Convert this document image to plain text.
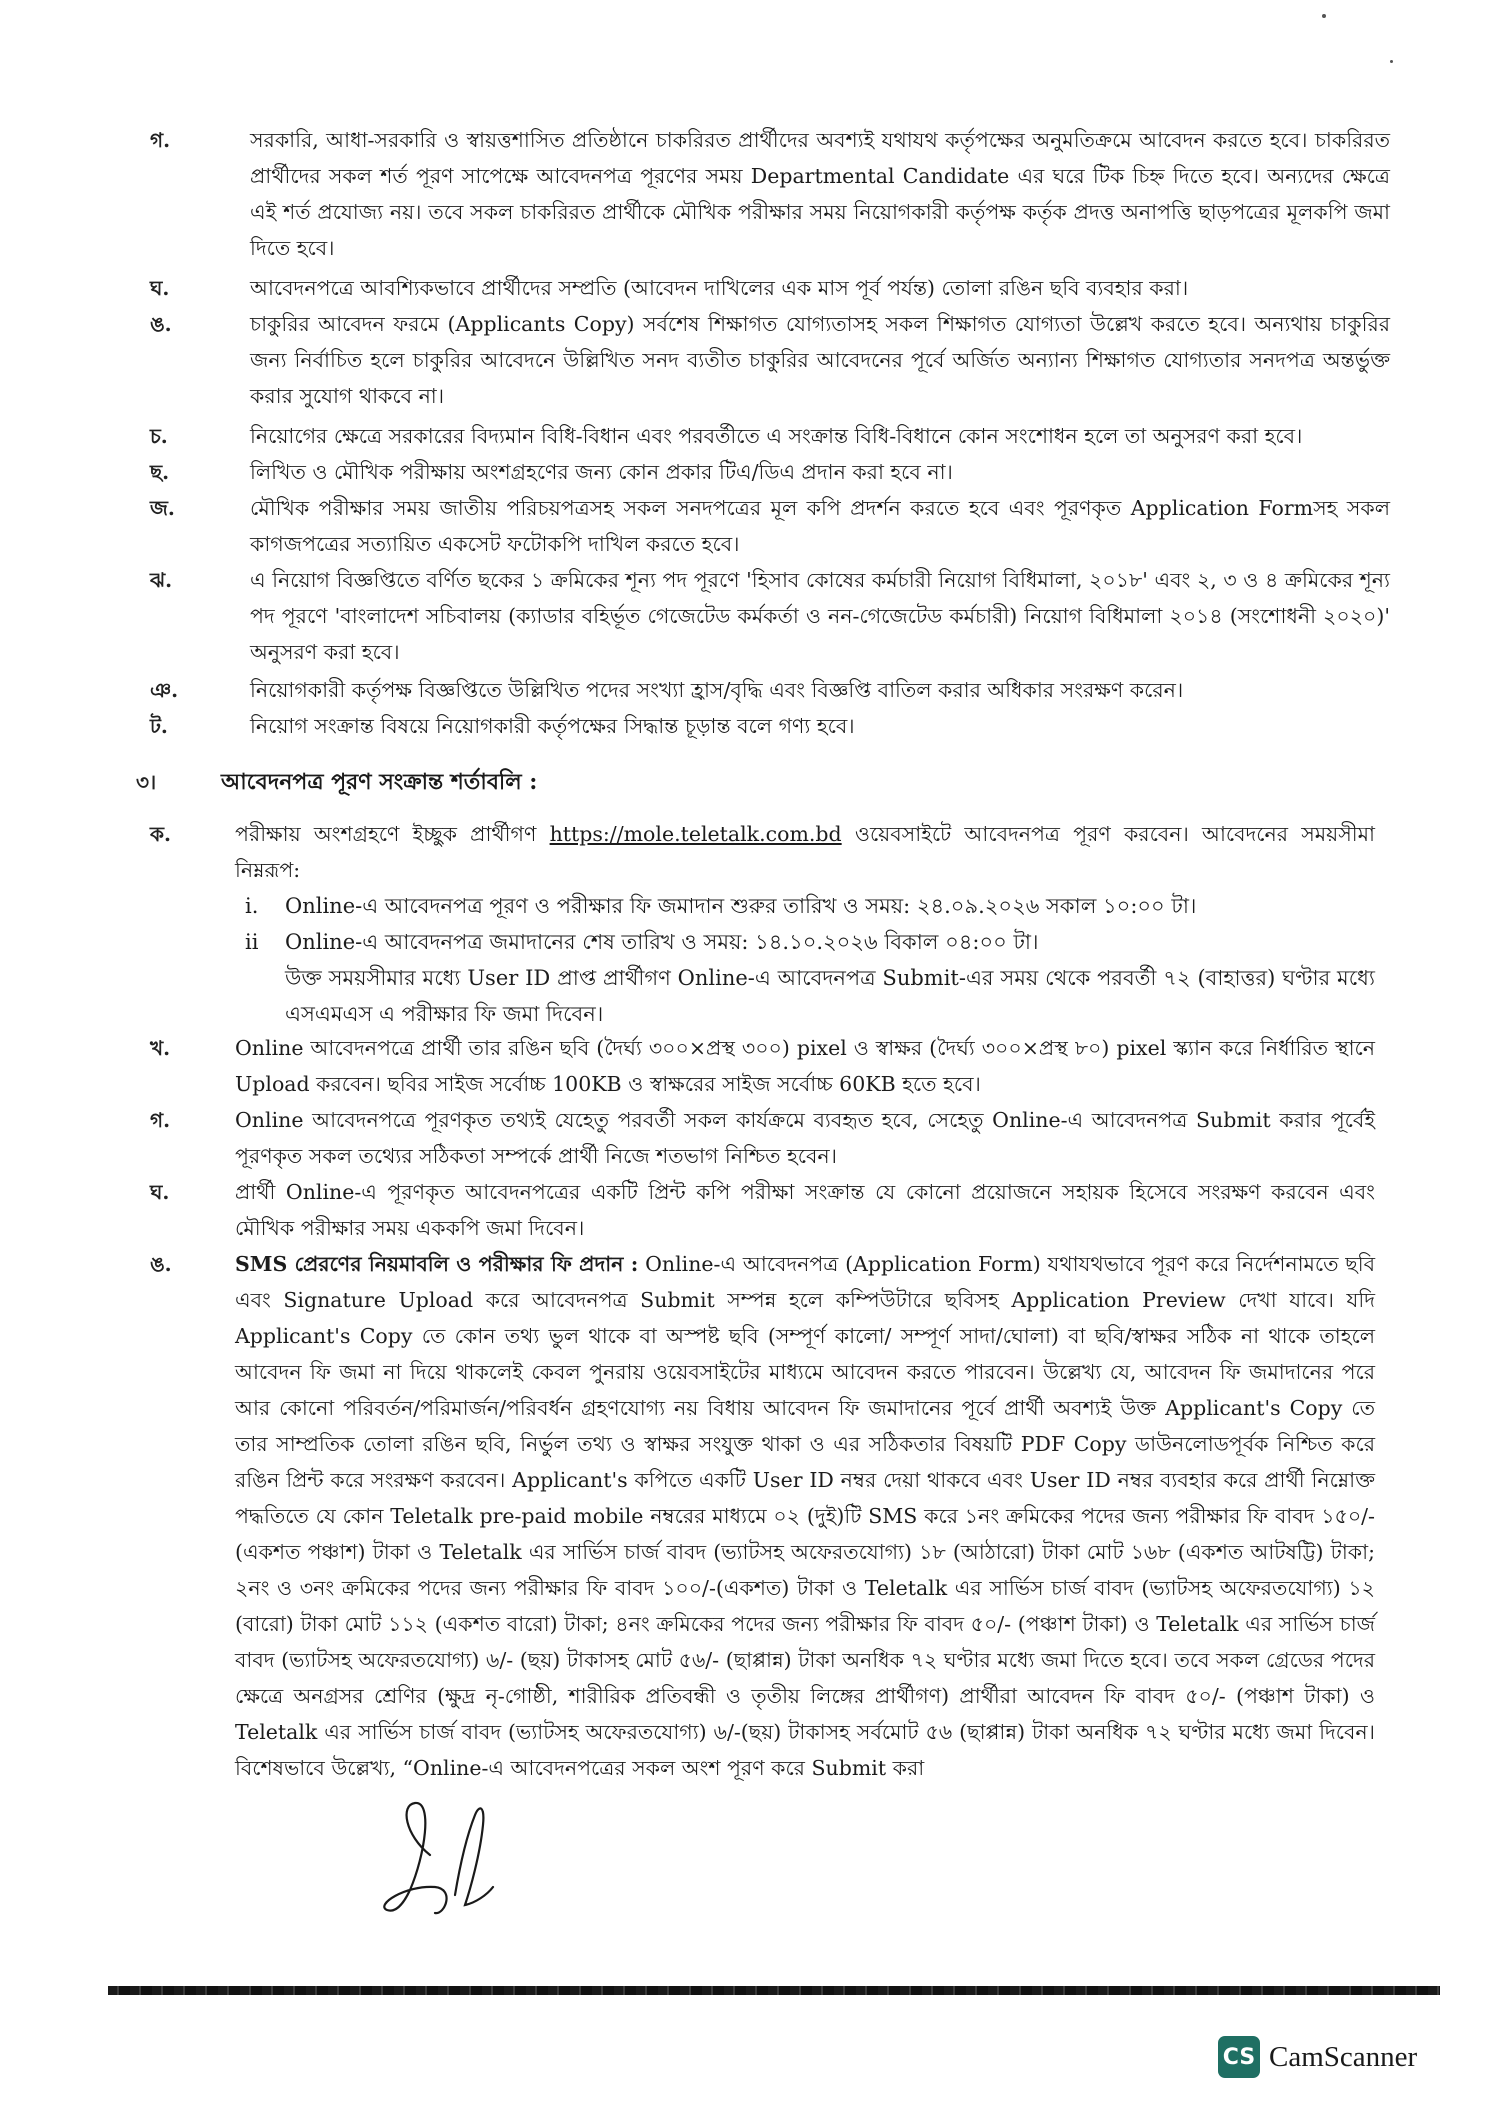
গ.	সরকারি, আধা-সরকারি ও স্বায়ত্তশাসিত প্রতিষ্ঠানে চাকরিরত প্রার্থীদের অবশ্যই যথাযথ কর্তৃপক্ষের অনুমতিক্রমে আবেদন করতে হবে। চাকরিরত প্রার্থীদের সকল শর্ত পূরণ সাপেক্ষে আবেদনপত্র পূরণের সময় Departmental Candidate এর ঘরে টিক চিহ্ন দিতে হবে। অন্যদের ক্ষেত্রে এই শর্ত প্রযোজ্য নয়। তবে সকল চাকরিরত প্রার্থীকে মৌখিক পরীক্ষার সময় নিয়োগকারী কর্তৃপক্ষ কর্তৃক প্রদত্ত অনাপত্তি ছাড়পত্রের মূলকপি জমা দিতে হবে।
ঘ.	আবেদনপত্রে আবশ্যিকভাবে প্রার্থীদের সম্প্রতি (আবেদন দাখিলের এক মাস পূর্ব পর্যন্ত) তোলা রঙিন ছবি ব্যবহার করা।
ঙ.	চাকুরির আবেদন ফরমে (Applicants Copy) সর্বশেষ শিক্ষাগত যোগ্যতাসহ সকল শিক্ষাগত যোগ্যতা উল্লেখ করতে হবে। অন্যথায় চাকুরির জন্য নির্বাচিত হলে চাকুরির আবেদনে উল্লিখিত সনদ ব্যতীত চাকুরির আবেদনের পূর্বে অর্জিত অন্যান্য শিক্ষাগত যোগ্যতার সনদপত্র অন্তর্ভুক্ত করার সুযোগ থাকবে না।
চ.	নিয়োগের ক্ষেত্রে সরকারের বিদ্যমান বিধি-বিধান এবং পরবর্তীতে এ সংক্রান্ত বিধি-বিধানে কোন সংশোধন হলে তা অনুসরণ করা হবে।
ছ.	লিখিত ও মৌখিক পরীক্ষায় অংশগ্রহণের জন্য কোন প্রকার টিএ/ডিএ প্রদান করা হবে না।
জ.	মৌখিক পরীক্ষার সময় জাতীয় পরিচয়পত্রসহ সকল সনদপত্রের মূল কপি প্রদর্শন করতে হবে এবং পূরণকৃত Application Formসহ সকল কাগজপত্রের সত্যায়িত একসেট ফটোকপি দাখিল করতে হবে।
ঝ.	এ নিয়োগ বিজ্ঞপ্তিতে বর্ণিত ছকের ১ ক্রমিকের শূন্য পদ পূরণে 'হিসাব কোষের কর্মচারী নিয়োগ বিধিমালা, ২০১৮' এবং ২, ৩ ও ৪ ক্রমিকের শূন্য পদ পূরণে 'বাংলাদেশ সচিবালয় (ক্যাডার বহির্ভূত গেজেটেড কর্মকর্তা ও নন-গেজেটেড কর্মচারী) নিয়োগ বিধিমালা ২০১৪ (সংশোধনী ২০২০)' অনুসরণ করা হবে।
ঞ.	নিয়োগকারী কর্তৃপক্ষ বিজ্ঞপ্তিতে উল্লিখিত পদের সংখ্যা হ্রাস/বৃদ্ধি এবং বিজ্ঞপ্তি বাতিল করার অধিকার সংরক্ষণ করেন।
ট.	নিয়োগ সংক্রান্ত বিষয়ে নিয়োগকারী কর্তৃপক্ষের সিদ্ধান্ত চূড়ান্ত বলে গণ্য হবে।
৩।	আবেদনপত্র পূরণ সংক্রান্ত শর্তাবলি :
ক.	পরীক্ষায় অংশগ্রহণে ইচ্ছুক প্রার্থীগণ https://mole.teletalk.com.bd ওয়েবসাইটে আবেদনপত্র পূরণ করবেন। আবেদনের সময়সীমা নিম্নরূপ:
i.	Online-এ আবেদনপত্র পূরণ ও পরীক্ষার ফি জমাদান শুরুর তারিখ ও সময়: ২৪.০৯.২০২৬ সকাল ১০:০০ টা।
ii	Online-এ আবেদনপত্র জমাদানের শেষ তারিখ ও সময়: ১৪.১০.২০২৬ বিকাল ০৪:০০ টা।
উক্ত সময়সীমার মধ্যে User ID প্রাপ্ত প্রার্থীগণ Online-এ আবেদনপত্র Submit-এর সময় থেকে পরবর্তী ৭২ (বাহাত্তর) ঘণ্টার মধ্যে এসএমএস এ পরীক্ষার ফি জমা দিবেন।
খ.	Online আবেদনপত্রে প্রার্থী তার রঙিন ছবি (দৈর্ঘ্য ৩০০×প্রস্থ ৩০০) pixel ও স্বাক্ষর (দৈর্ঘ্য ৩০০×প্রস্থ ৮০) pixel স্ক্যান করে নির্ধারিত স্থানে Upload করবেন। ছবির সাইজ সর্বোচ্চ 100KB ও স্বাক্ষরের সাইজ সর্বোচ্চ 60KB হতে হবে।
গ.	Online আবেদনপত্রে পূরণকৃত তথ্যই যেহেতু পরবর্তী সকল কার্যক্রমে ব্যবহৃত হবে, সেহেতু Online-এ আবেদনপত্র Submit করার পূর্বেই পূরণকৃত সকল তথ্যের সঠিকতা সম্পর্কে প্রার্থী নিজে শতভাগ নিশ্চিত হবেন।
ঘ.	প্রার্থী Online-এ পূরণকৃত আবেদনপত্রের একটি প্রিন্ট কপি পরীক্ষা সংক্রান্ত যে কোনো প্রয়োজনে সহায়ক হিসেবে সংরক্ষণ করবেন এবং মৌখিক পরীক্ষার সময় এককপি জমা দিবেন।
ঙ.	SMS প্রেরণের নিয়মাবলি ও পরীক্ষার ফি প্রদান : Online-এ আবেদনপত্র (Application Form) যথাযথভাবে পূরণ করে নির্দেশনামতে ছবি এবং Signature Upload করে আবেদনপত্র Submit সম্পন্ন হলে কম্পিউটারে ছবিসহ Application Preview দেখা যাবে। যদি Applicant's Copy তে কোন তথ্য ভুল থাকে বা অস্পষ্ট ছবি (সম্পূর্ণ কালো/ সম্পূর্ণ সাদা/ঘোলা) বা ছবি/স্বাক্ষর সঠিক না থাকে তাহলে আবেদন ফি জমা না দিয়ে থাকলেই কেবল পুনরায় ওয়েবসাইটের মাধ্যমে আবেদন করতে পারবেন। উল্লেখ্য যে, আবেদন ফি জমাদানের পরে আর কোনো পরিবর্তন/পরিমার্জন/পরিবর্ধন গ্রহণযোগ্য নয় বিধায় আবেদন ফি জমাদানের পূর্বে প্রার্থী অবশ্যই উক্ত Applicant's Copy তে তার সাম্প্রতিক তোলা রঙিন ছবি, নির্ভুল তথ্য ও স্বাক্ষর সংযুক্ত থাকা ও এর সঠিকতার বিষয়টি PDF Copy ডাউনলোডপূর্বক নিশ্চিত করে রঙিন প্রিন্ট করে সংরক্ষণ করবেন। Applicant's কপিতে একটি User ID নম্বর দেয়া থাকবে এবং User ID নম্বর ব্যবহার করে প্রার্থী নিম্নোক্ত পদ্ধতিতে যে কোন Teletalk pre-paid mobile নম্বরের মাধ্যমে ০২ (দুই)টি SMS করে ১নং ক্রমিকের পদের জন্য পরীক্ষার ফি বাবদ ১৫০/-(একশত পঞ্চাশ) টাকা ও Teletalk এর সার্ভিস চার্জ বাবদ (ভ্যাটসহ অফেরতযোগ্য) ১৮ (আঠারো) টাকা মোট ১৬৮ (একশত আটষট্টি) টাকা; ২নং ও ৩নং ক্রমিকের পদের জন্য পরীক্ষার ফি বাবদ ১০০/-(একশত) টাকা ও Teletalk এর সার্ভিস চার্জ বাবদ (ভ্যাটসহ অফেরতযোগ্য) ১২ (বারো) টাকা মোট ১১২ (একশত বারো) টাকা; ৪নং ক্রমিকের পদের জন্য পরীক্ষার ফি বাবদ ৫০/- (পঞ্চাশ টাকা) ও Teletalk এর সার্ভিস চার্জ বাবদ (ভ্যাটসহ অফেরতযোগ্য) ৬/- (ছয়) টাকাসহ মোট ৫৬/- (ছাপ্পান্ন) টাকা অনধিক ৭২ ঘণ্টার মধ্যে জমা দিতে হবে। তবে সকল গ্রেডের পদের ক্ষেত্রে অনগ্রসর শ্রেণির (ক্ষুদ্র নৃ-গোষ্ঠী, শারীরিক প্রতিবন্ধী ও তৃতীয় লিঙ্গের প্রার্থীগণ) প্রার্থীরা আবেদন ফি বাবদ ৫০/- (পঞ্চাশ টাকা) ও Teletalk এর সার্ভিস চার্জ বাবদ (ভ্যাটসহ অফেরতযোগ্য) ৬/-(ছয়) টাকাসহ সর্বমোট ৫৬ (ছাপ্পান্ন) টাকা অনধিক ৭২ ঘণ্টার মধ্যে জমা দিবেন। বিশেষভাবে উল্লেখ্য, “Online-এ আবেদনপত্রের সকল অংশ পূরণ করে Submit করা
CS CamScanner
